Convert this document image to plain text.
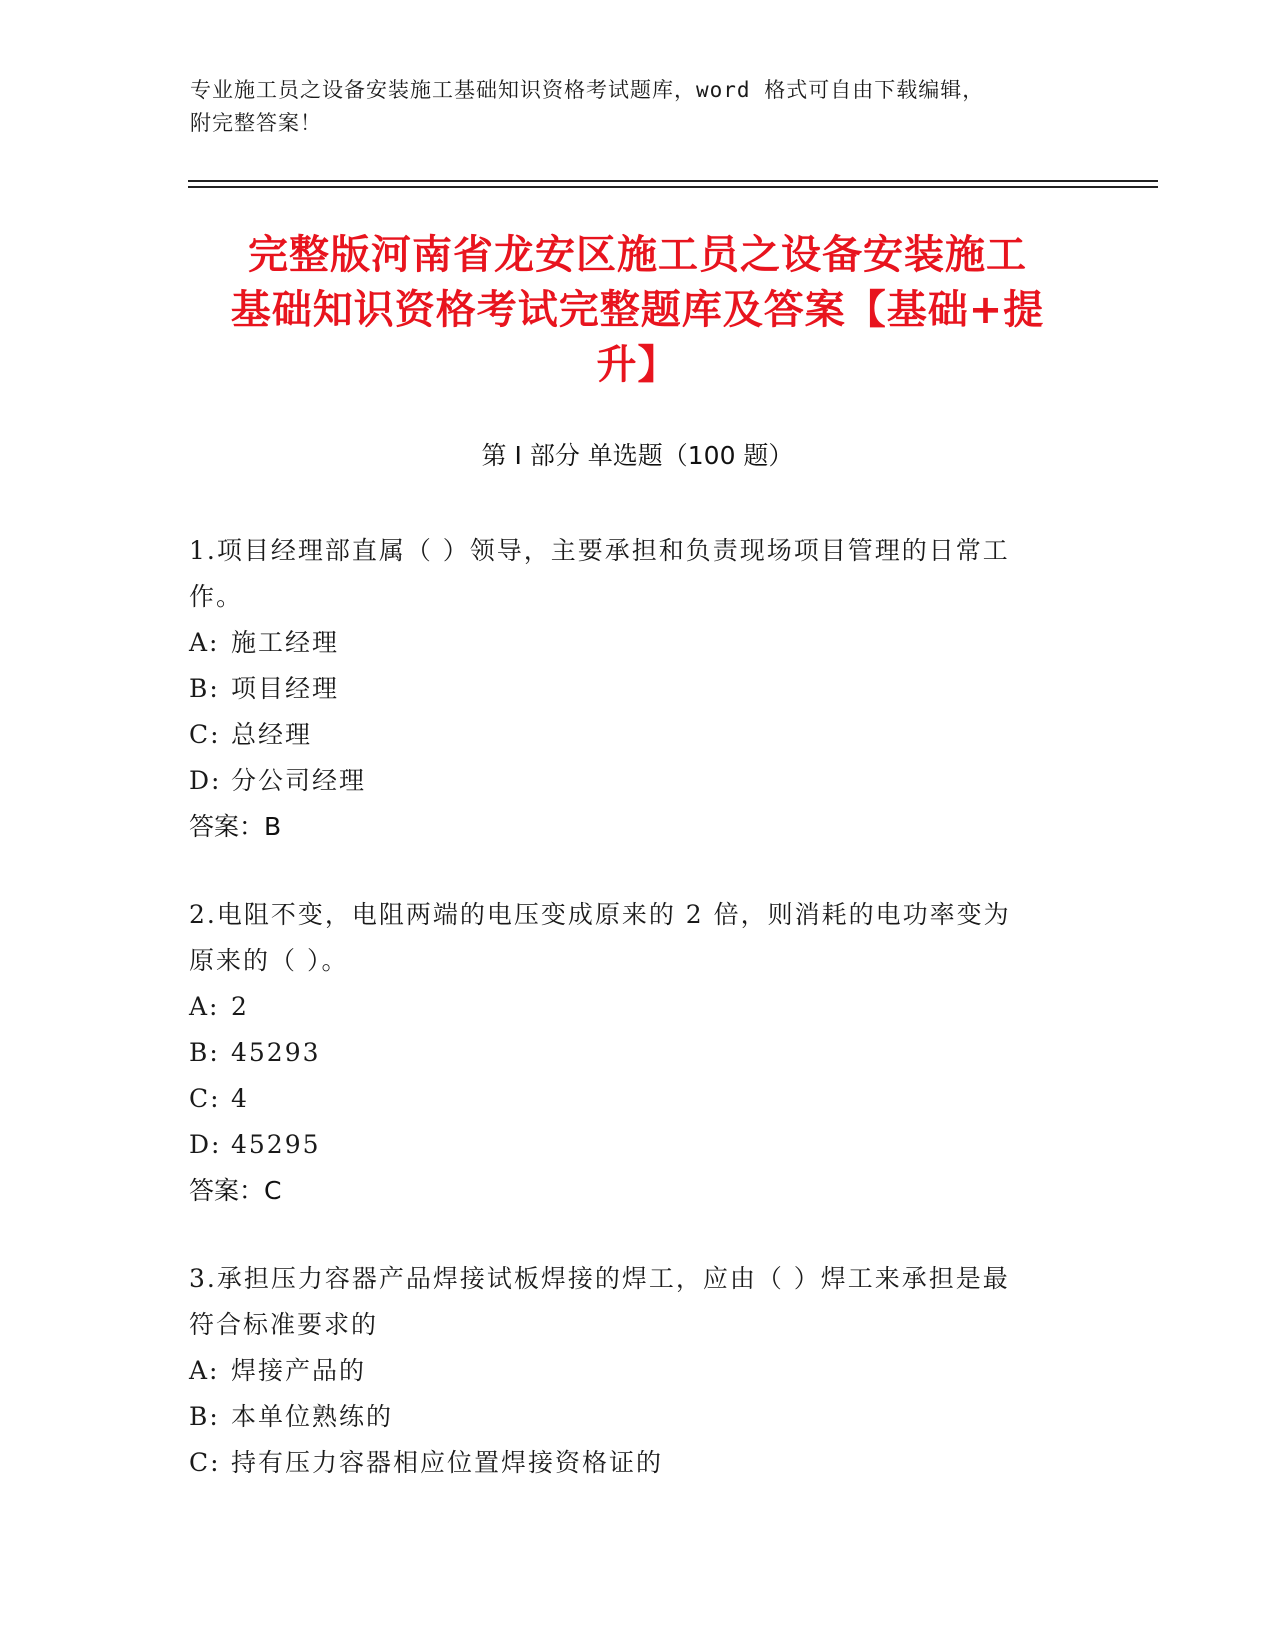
专业施工员之设备安装施工基础知识资格考试题库，word 格式可自由下载编辑，
附完整答案！
完整版河南省龙安区施工员之设备安装施工
基础知识资格考试完整题库及答案【基础+提
升】
第 I 部分 单选题（100 题）

1.项目经理部直属（ ）领导，主要承担和负责现场项目管理的日常工
作。

A: 施工经理

B: 项目经理

C: 总经理

D: 分公司经理

答案：B

2.电阻不变，电阻两端的电压变成原来的 2 倍，则消耗的电功率变为
原来的（ ）。

A: 2

B: 45293

C: 4

D: 45295

答案：C

3.承担压力容器产品焊接试板焊接的焊工，应由（ ）焊工来承担是最
符合标准要求的

A: 焊接产品的

B: 本单位熟练的

C: 持有压力容器相应位置焊接资格证的
